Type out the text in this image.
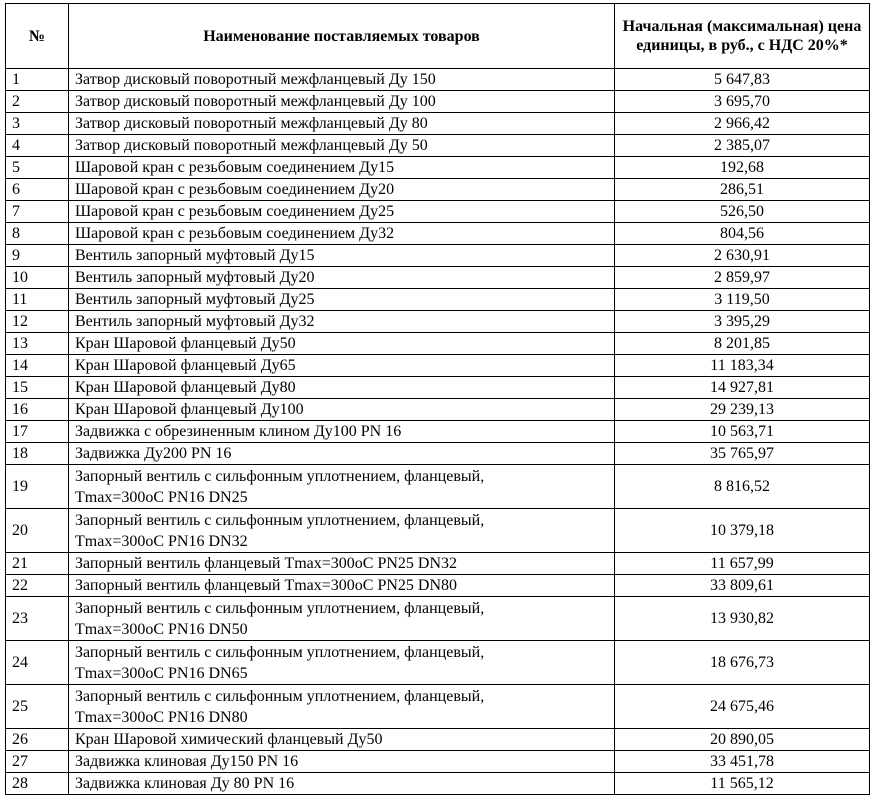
№	Наименование поставляемых товаров	Начальная (максимальная) цена единицы, в руб., с НДС 20%*
1	Затвор дисковый поворотный межфланцевый Ду 150	5 647,83
2	Затвор дисковый поворотный межфланцевый Ду 100	3 695,70
3	Затвор дисковый поворотный межфланцевый Ду 80	2 966,42
4	Затвор дисковый поворотный межфланцевый Ду 50	2 385,07
5	Шаровой кран с резьбовым соединением Ду15	192,68
6	Шаровой кран с резьбовым соединением Ду20	286,51
7	Шаровой кран с резьбовым соединением Ду25	526,50
8	Шаровой кран с резьбовым соединением Ду32	804,56
9	Вентиль запорный муфтовый Ду15	2 630,91
10	Вентиль запорный муфтовый Ду20	2 859,97
11	Вентиль запорный муфтовый Ду25	3 119,50
12	Вентиль запорный муфтовый Ду32	3 395,29
13	Кран Шаровой фланцевый Ду50	8 201,85
14	Кран Шаровой фланцевый Ду65	11 183,34
15	Кран Шаровой фланцевый Ду80	14 927,81
16	Кран Шаровой фланцевый Ду100	29 239,13
17	Задвижка с обрезиненным клином Ду100 PN 16	10 563,71
18	Задвижка Ду200 PN 16	35 765,97
19	Запорный вентиль с сильфонным уплотнением, фланцевый,
Tmax=300oC PN16 DN25	8 816,52
20	Запорный вентиль с сильфонным уплотнением, фланцевый,
Tmax=300oC PN16 DN32	10 379,18
21	Запорный вентиль фланцевый Tmax=300oC PN25 DN32	11 657,99
22	Запорный вентиль фланцевый Tmax=300oC PN25 DN80	33 809,61
23	Запорный вентиль с сильфонным уплотнением, фланцевый,
Tmax=300oC PN16 DN50	13 930,82
24	Запорный вентиль с сильфонным уплотнением, фланцевый,
Tmax=300oC PN16 DN65	18 676,73
25	Запорный вентиль с сильфонным уплотнением, фланцевый,
Tmax=300oC PN16 DN80	24 675,46
26	Кран Шаровой химический фланцевый Ду50	20 890,05
27	Задвижка клиновая Ду150 PN 16	33 451,78
28	Задвижка клиновая Ду 80 PN 16	11 565,12
